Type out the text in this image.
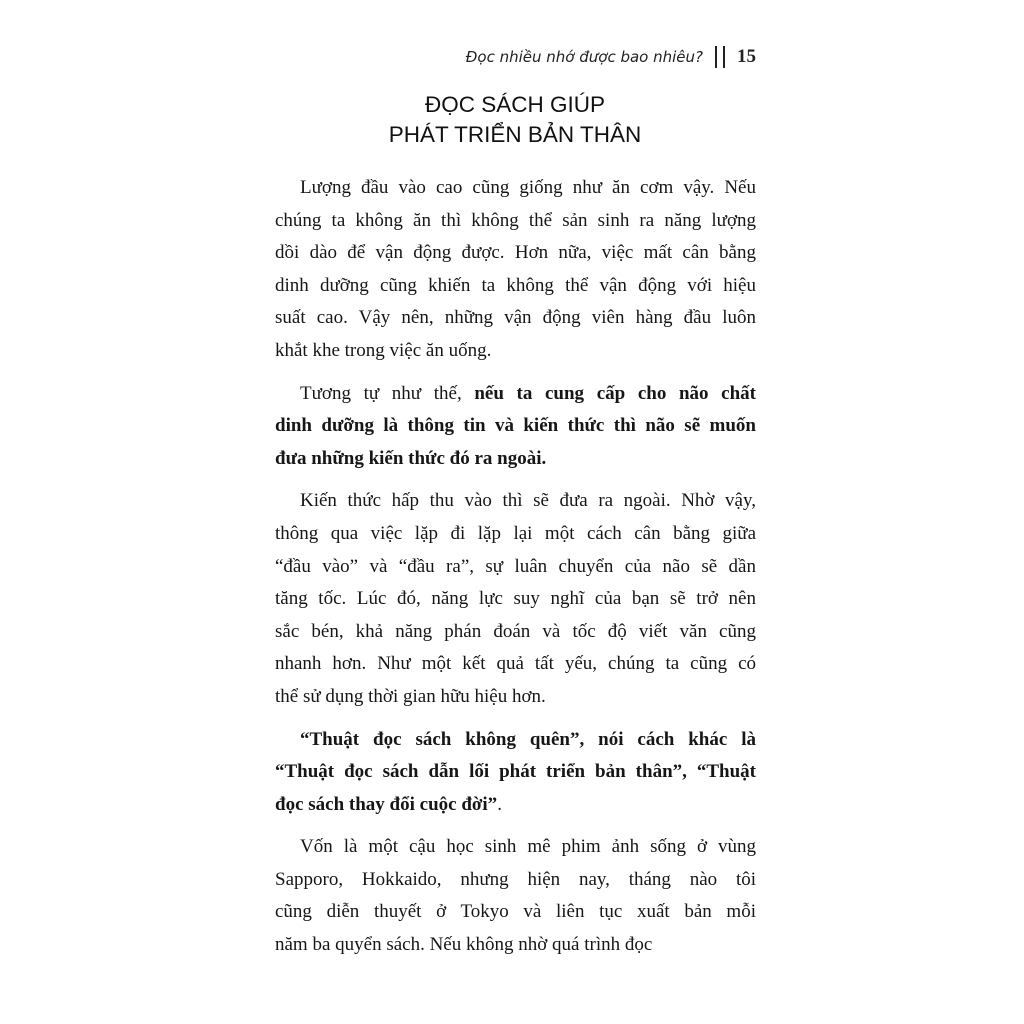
Đọc nhiều nhớ được bao nhiêu? 15
ĐỌC SÁCH GIÚP
PHÁT TRIỂN BẢN THÂN
Lượng đầu vào cao cũng giống như ăn cơm vậy. Nếu
chúng ta không ăn thì không thể sản sinh ra năng lượng
dồi dào để vận động được. Hơn nữa, việc mất cân bằng
dinh dưỡng cũng khiến ta không thể vận động với hiệu
suất cao. Vậy nên, những vận động viên hàng đầu luôn
khắt khe trong việc ăn uống.
Tương tự như thế, nếu ta cung cấp cho não chất
dinh dưỡng là thông tin và kiến thức thì não sẽ muốn
đưa những kiến thức đó ra ngoài.
Kiến thức hấp thu vào thì sẽ đưa ra ngoài. Nhờ vậy,
thông qua việc lặp đi lặp lại một cách cân bằng giữa
“đầu vào” và “đầu ra”, sự luân chuyển của não sẽ dần
tăng tốc. Lúc đó, năng lực suy nghĩ của bạn sẽ trở nên
sắc bén, khả năng phán đoán và tốc độ viết văn cũng
nhanh hơn. Như một kết quả tất yếu, chúng ta cũng có
thể sử dụng thời gian hữu hiệu hơn.
“Thuật đọc sách không quên”, nói cách khác là
“Thuật đọc sách dẫn lối phát triển bản thân”, “Thuật
đọc sách thay đổi cuộc đời”.
Vốn là một cậu học sinh mê phim ảnh sống ở vùng
Sapporo, Hokkaido, nhưng hiện nay, tháng nào tôi
cũng diễn thuyết ở Tokyo và liên tục xuất bản mỗi
năm ba quyển sách. Nếu không nhờ quá trình đọc
